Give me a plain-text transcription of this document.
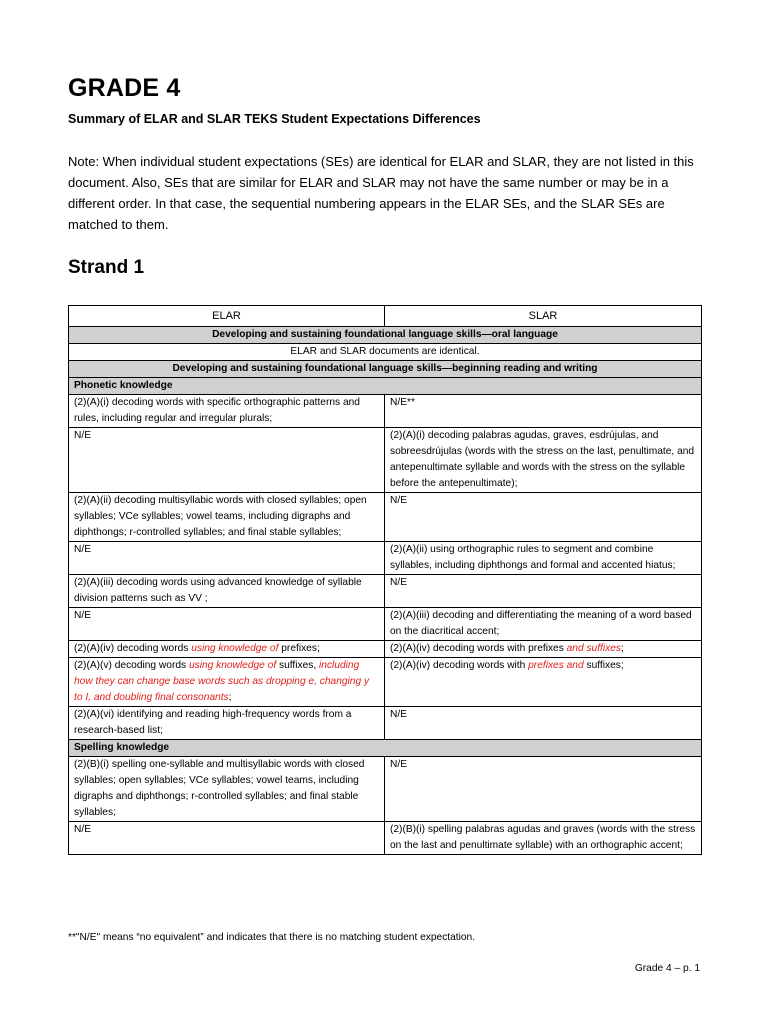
GRADE 4
Summary of ELAR and SLAR TEKS Student Expectations Differences
Note: When individual student expectations (SEs) are identical for ELAR and SLAR, they are not listed in this document. Also, SEs that are similar for ELAR and SLAR may not have the same number or may be in a different order. In that case, the sequential numbering appears in the ELAR SEs, and the SLAR SEs are matched to them.
Strand 1
ELAR	SLAR
Developing and sustaining foundational language skills—oral language	
ELAR and SLAR documents are identical.	
Developing and sustaining foundational language skills—beginning reading and writing	
Phonetic knowledge	
(2)(A)(i) decoding words with specific orthographic patterns and rules, including regular and irregular plurals;	N/E**
N/E	(2)(A)(i) decoding palabras agudas, graves, esdrújulas, and sobreesdrújulas (words with the stress on the last, penultimate, and antepenultimate syllable and words with the stress on the syllable before the antepenultimate);
(2)(A)(ii) decoding multisyllabic words with closed syllables; open syllables; VCe syllables; vowel teams, including digraphs and diphthongs; r-controlled syllables; and final stable syllables;	N/E
N/E	(2)(A)(ii) using orthographic rules to segment and combine syllables, including diphthongs and formal and accented hiatus;
(2)(A)(iii) decoding words using advanced knowledge of syllable division patterns such as VV ;	N/E
N/E	(2)(A)(iii) decoding and differentiating the meaning of a word based on the diacritical accent;
(2)(A)(iv) decoding words using knowledge of prefixes;	(2)(A)(iv) decoding words with prefixes and suffixes;
(2)(A)(v) decoding words using knowledge of suffixes, including how they can change base words such as dropping e, changing y to I, and doubling final consonants;	(2)(A)(iv) decoding words with prefixes and suffixes;
(2)(A)(vi) identifying and reading high-frequency words from a research-based list;	N/E
Spelling knowledge	
(2)(B)(i) spelling one-syllable and multisyllabic words with closed syllables; open syllables; VCe syllables; vowel teams, including digraphs and diphthongs; r-controlled syllables; and final stable syllables;	N/E
N/E	(2)(B)(i) spelling palabras agudas and graves (words with the stress on the last and penultimate syllable) with an orthographic accent;
**"N/E" means “no equivalent” and indicates that there is no matching student expectation.
Grade 4 – p. 1
